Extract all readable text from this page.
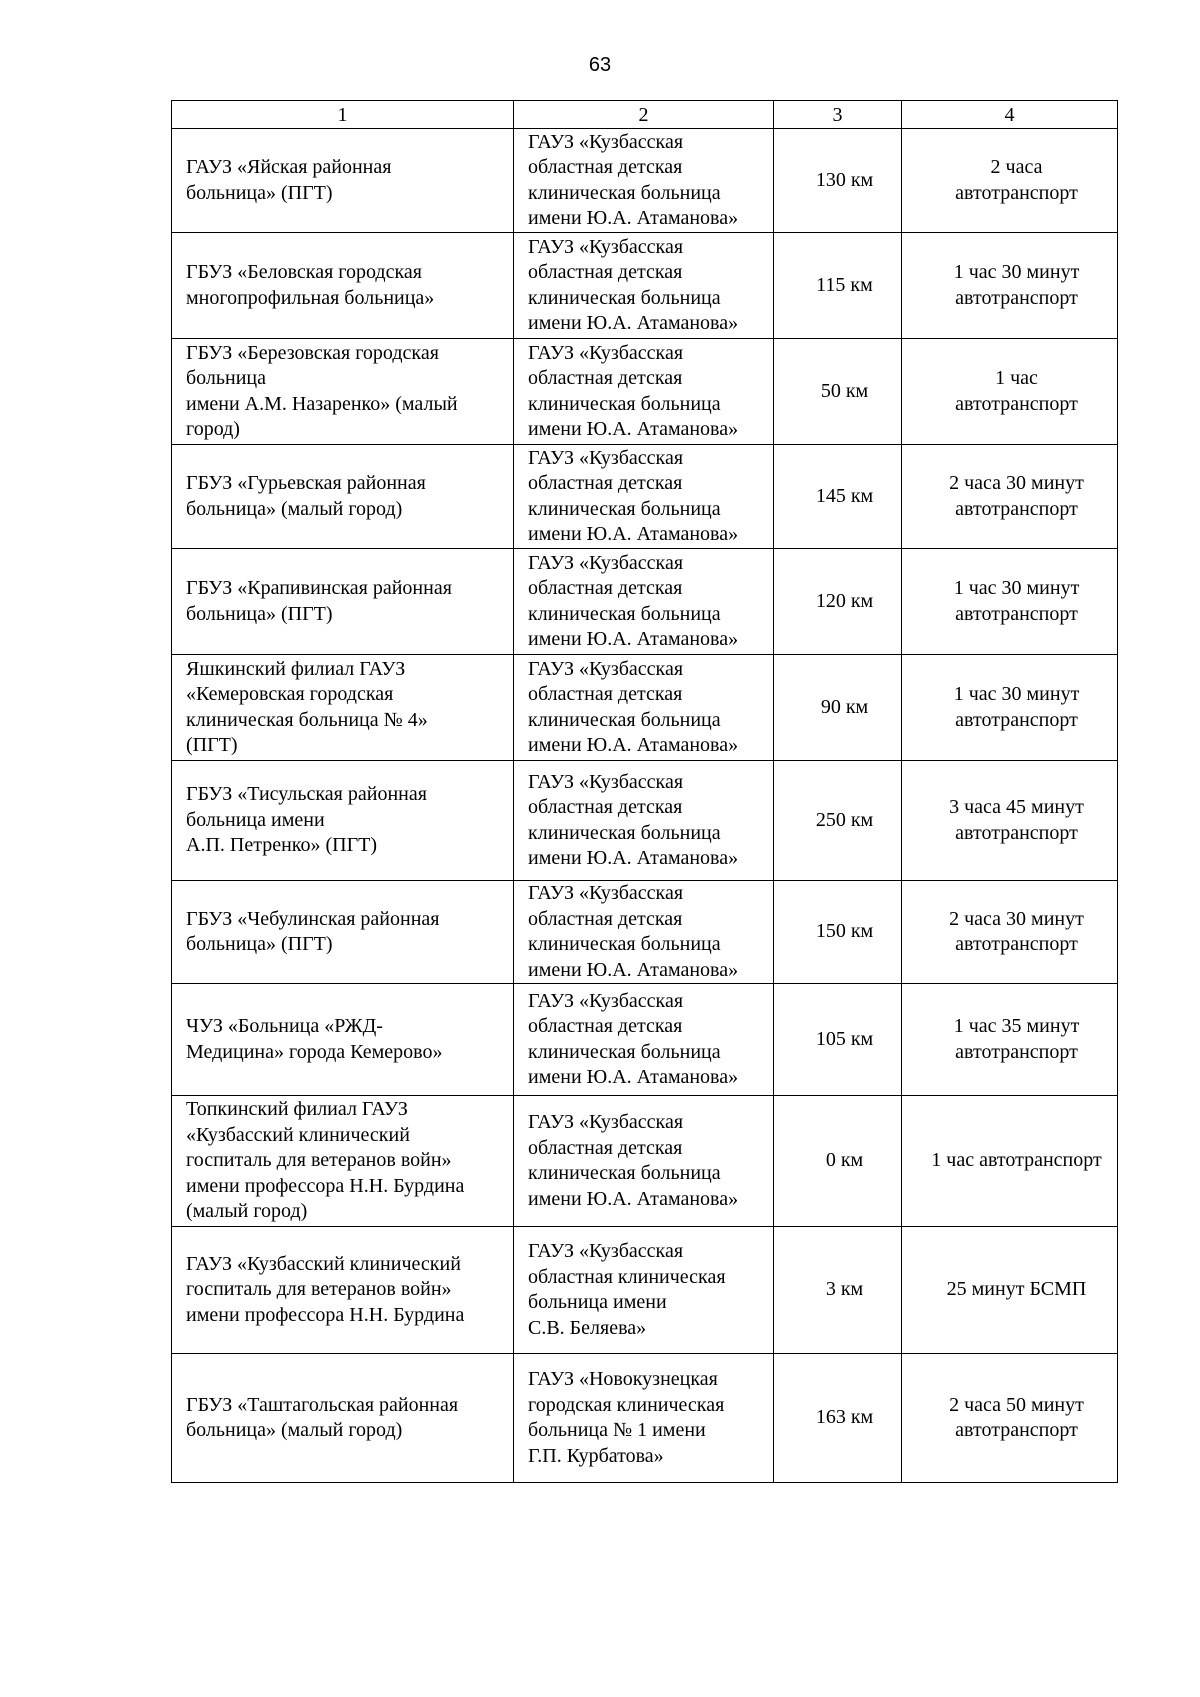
63
1	2	3	4
ГАУЗ «Яйская районная
больница» (ПГТ)	ГАУЗ «Кузбасская
областная детская
клиническая больница
имени Ю.А. Атаманова»	130 км	2 часа
автотранспорт
ГБУЗ «Беловская городская
многопрофильная больница»	ГАУЗ «Кузбасская
областная детская
клиническая больница
имени Ю.А. Атаманова»	115 км	1 час 30 минут
автотранспорт
ГБУЗ «Березовская городская
больница
имени А.М. Назаренко» (малый
город)	ГАУЗ «Кузбасская
областная детская
клиническая больница
имени Ю.А. Атаманова»	50 км	1 час
автотранспорт
ГБУЗ «Гурьевская районная
больница» (малый город)	ГАУЗ «Кузбасская
областная детская
клиническая больница
имени Ю.А. Атаманова»	145 км	2 часа 30 минут
автотранспорт
ГБУЗ «Крапивинская районная
больница» (ПГТ)	ГАУЗ «Кузбасская
областная детская
клиническая больница
имени Ю.А. Атаманова»	120 км	1 час 30 минут
автотранспорт
Яшкинский филиал ГАУЗ
«Кемеровская городская
клиническая больница № 4»
(ПГТ)	ГАУЗ «Кузбасская
областная детская
клиническая больница
имени Ю.А. Атаманова»	90 км	1 час 30 минут
автотранспорт
ГБУЗ «Тисульская районная
больница имени
А.П. Петренко» (ПГТ)	ГАУЗ «Кузбасская
областная детская
клиническая больница
имени Ю.А. Атаманова»	250 км	3 часа 45 минут
автотранспорт
ГБУЗ «Чебулинская районная
больница» (ПГТ)	ГАУЗ «Кузбасская
областная детская
клиническая больница
имени Ю.А. Атаманова»	150 км	2 часа 30 минут
автотранспорт
ЧУЗ «Больница «РЖД-
Медицина» города Кемерово»	ГАУЗ «Кузбасская
областная детская
клиническая больница
имени Ю.А. Атаманова»	105 км	1 час 35 минут
автотранспорт
Топкинский филиал ГАУЗ
«Кузбасский клинический
госпиталь для ветеранов войн»
имени профессора Н.Н. Бурдина
(малый город)	ГАУЗ «Кузбасская
областная детская
клиническая больница
имени Ю.А. Атаманова»	0 км	1 час автотранспорт
ГАУЗ «Кузбасский клинический
госпиталь для ветеранов войн»
имени профессора Н.Н. Бурдина	ГАУЗ «Кузбасская
областная клиническая
больница имени
С.В. Беляева»	3 км	25 минут БСМП
ГБУЗ «Таштагольская районная
больница» (малый город)	ГАУЗ «Новокузнецкая
городская клиническая
больница № 1 имени
Г.П. Курбатова»	163 км	2 часа 50 минут
автотранспорт
